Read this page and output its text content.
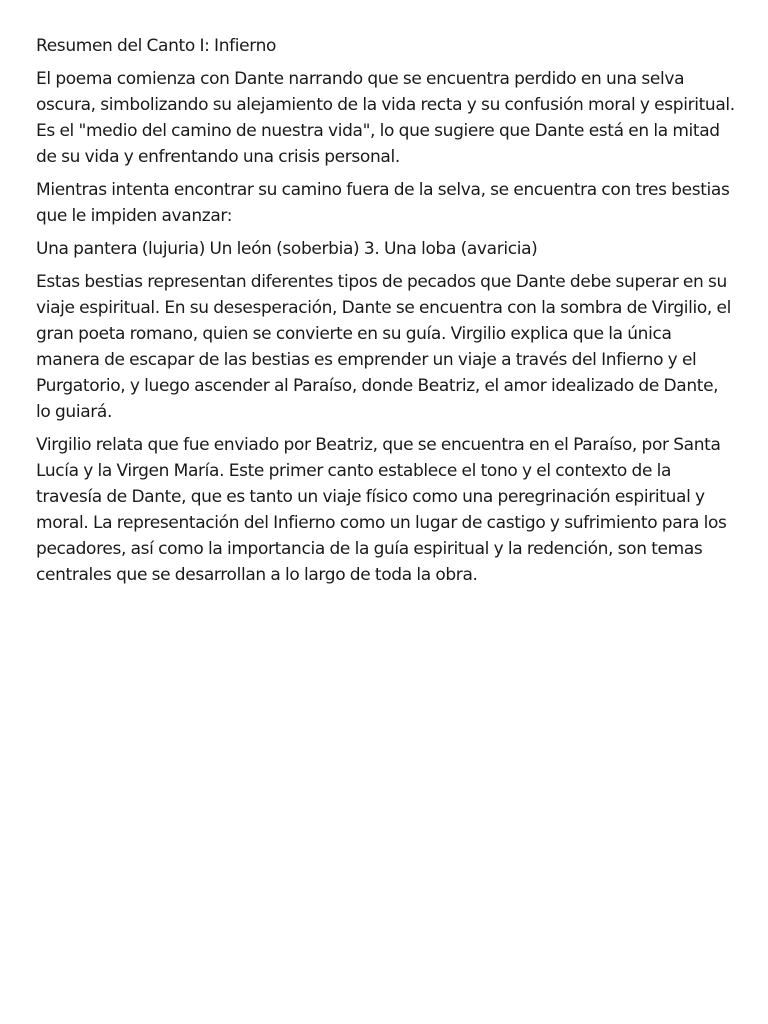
Resumen del Canto I: Infierno

El poema comienza con Dante narrando que se encuentra perdido en una selva oscura, simbolizando su alejamiento de la vida recta y su confusión moral y espiritual. Es el "medio del camino de nuestra vida", lo que sugiere que Dante está en la mitad de su vida y enfrentando una crisis personal.

Mientras intenta encontrar su camino fuera de la selva, se encuentra con tres bestias que le impiden avanzar:

Una pantera (lujuria) Un león (soberbia) 3. Una loba (avaricia)

Estas bestias representan diferentes tipos de pecados que Dante debe superar en su viaje espiritual. En su desesperación, Dante se encuentra con la sombra de Virgilio, el gran poeta romano, quien se convierte en su guía. Virgilio explica que la única manera de escapar de las bestias es emprender un viaje a través del Infierno y el Purgatorio, y luego ascender al Paraíso, donde Beatriz, el amor idealizado de Dante, lo guiará.

Virgilio relata que fue enviado por Beatriz, que se encuentra en el Paraíso, por Santa Lucía y la Virgen María. Este primer canto establece el tono y el contexto de la travesía de Dante, que es tanto un viaje físico como una peregrinación espiritual y moral. La representación del Infierno como un lugar de castigo y sufrimiento para los pecadores, así como la importancia de la guía espiritual y la redención, son temas centrales que se desarrollan a lo largo de toda la obra.
